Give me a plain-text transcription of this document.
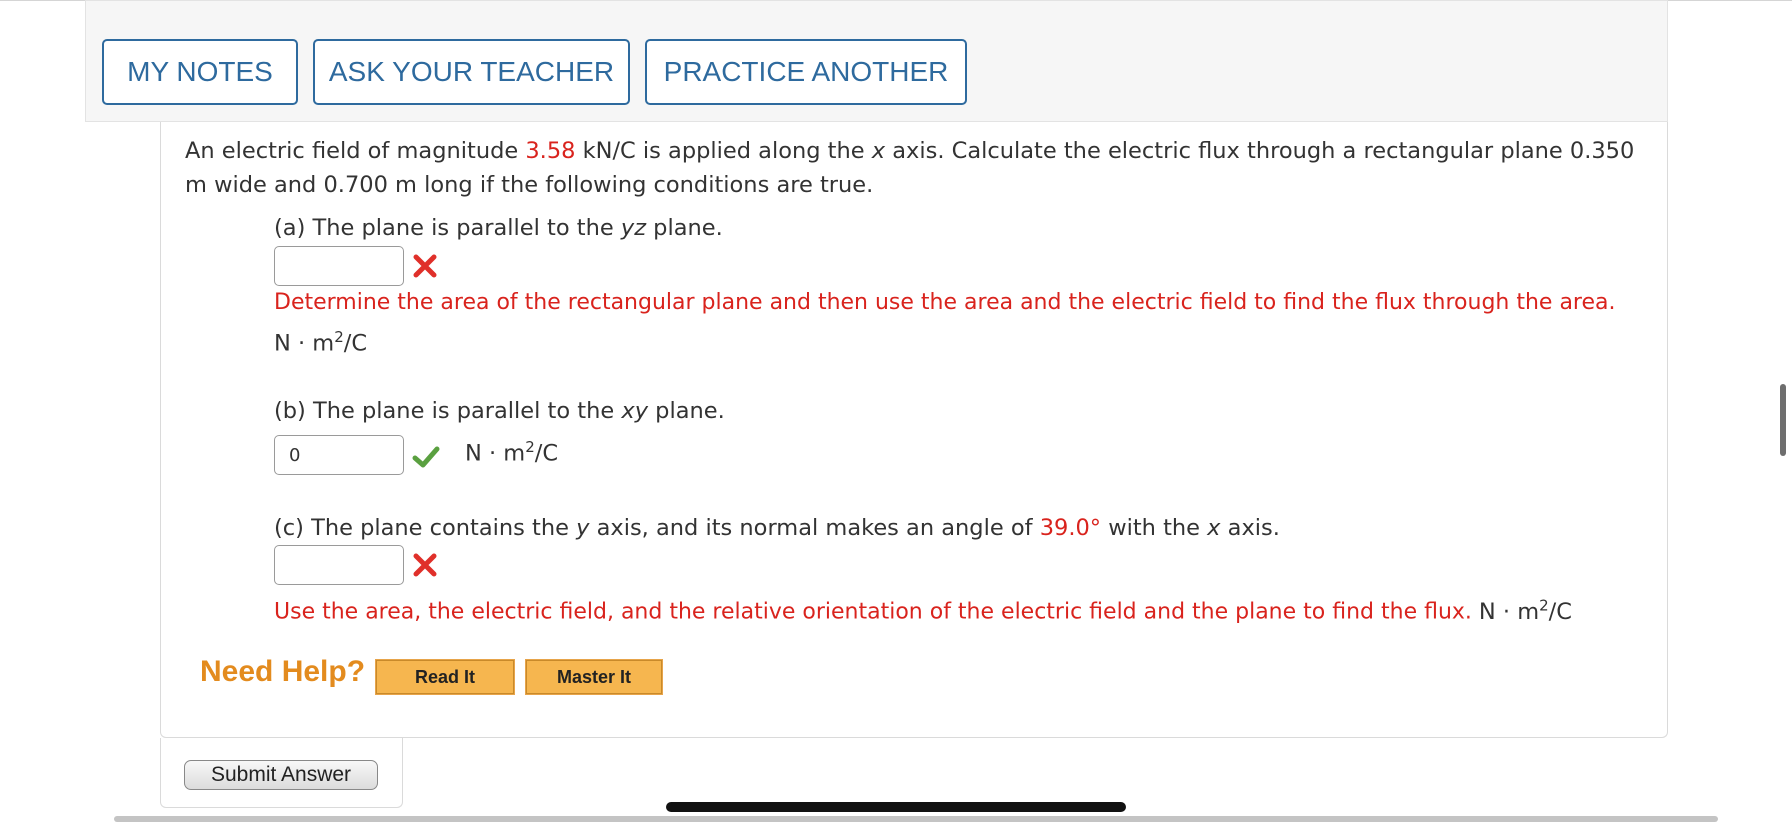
MY NOTES	ASK YOUR TEACHER	PRACTICE ANOTHER
An electric field of magnitude 3.58 kN/C is applied along the x axis. Calculate the electric flux through a rectangular plane 0.350 m wide and 0.700 m long if the following conditions are true.
(a) The plane is parallel to the yz plane.
Determine the area of the rectangular plane and then use the area and the electric field to find the flux through the area.
$N \cdot m^2/C$
(b) The plane is parallel to the xy plane.
0
$N \cdot m^2/C$
(c) The plane contains the y axis, and its normal makes an angle of 39.0° with the x axis.
Use the area, the electric field, and the relative orientation of the electric field and the plane to find the flux. $N \cdot m^2/C$
Need Help?	Read It	Master It
Submit Answer
